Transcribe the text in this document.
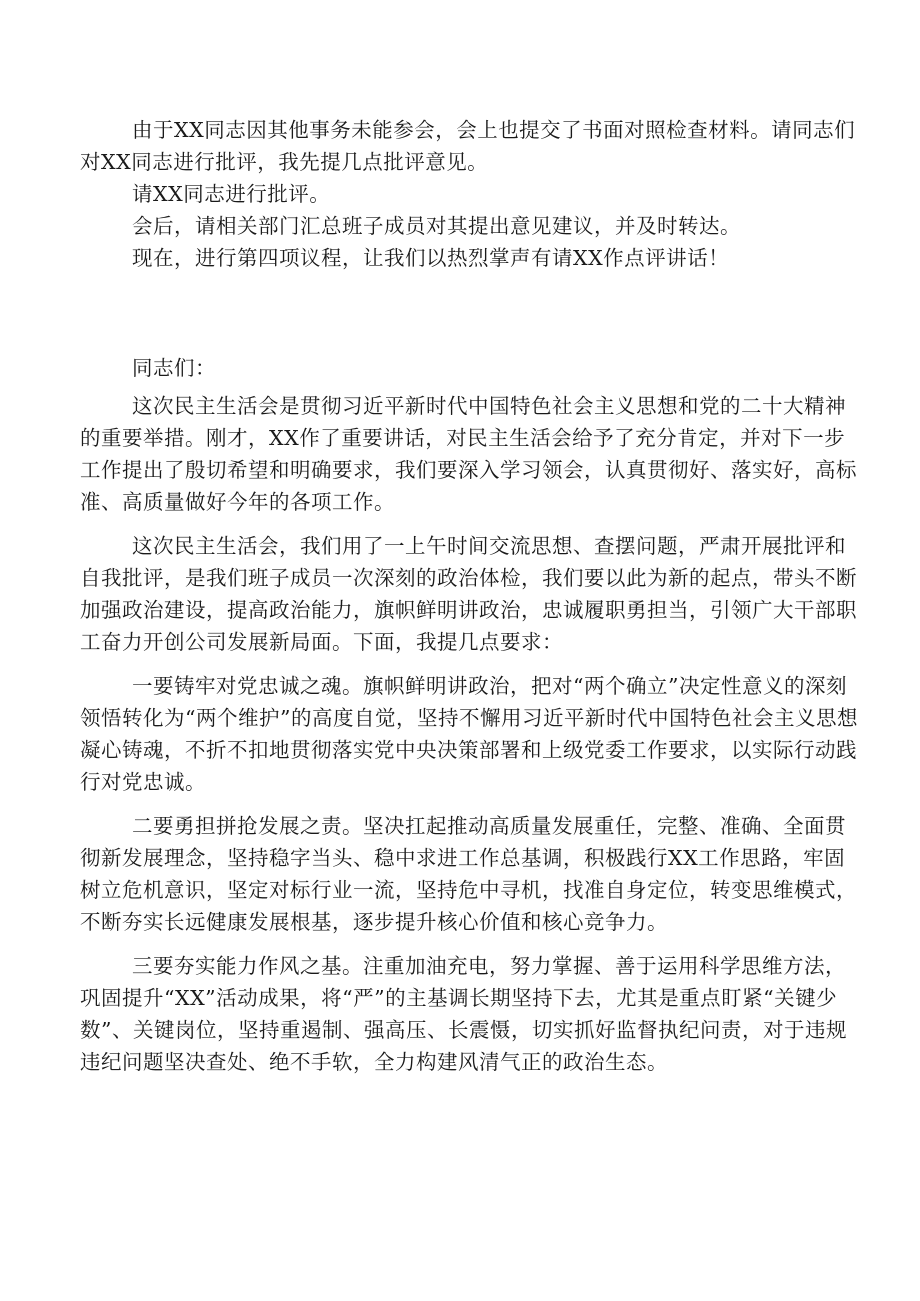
由于XX同志因其他事务未能参会，会上也提交了书面对照检查材料。请同志们对XX同志进行批评，我先提几点批评意见。

请XX同志进行批评。

会后，请相关部门汇总班子成员对其提出意见建议，并及时转达。

现在，进行第四项议程，让我们以热烈掌声有请XX作点评讲话！

同志们：

这次民主生活会是贯彻习近平新时代中国特色社会主义思想和党的二十大精神的重要举措。刚才，XX作了重要讲话，对民主生活会给予了充分肯定，并对下一步工作提出了殷切希望和明确要求，我们要深入学习领会，认真贯彻好、落实好，高标准、高质量做好今年的各项工作。

这次民主生活会，我们用了一上午时间交流思想、查摆问题，严肃开展批评和自我批评，是我们班子成员一次深刻的政治体检，我们要以此为新的起点，带头不断加强政治建设，提高政治能力，旗帜鲜明讲政治，忠诚履职勇担当，引领广大干部职工奋力开创公司发展新局面。下面，我提几点要求：

一要铸牢对党忠诚之魂。旗帜鲜明讲政治，把对“两个确立”决定性意义的深刻领悟转化为“两个维护”的高度自觉，坚持不懈用习近平新时代中国特色社会主义思想凝心铸魂，不折不扣地贯彻落实党中央决策部署和上级党委工作要求，以实际行动践行对党忠诚。

二要勇担拼抢发展之责。坚决扛起推动高质量发展重任，完整、准确、全面贯彻新发展理念，坚持稳字当头、稳中求进工作总基调，积极践行XX工作思路，牢固树立危机意识，坚定对标行业一流，坚持危中寻机，找准自身定位，转变思维模式，不断夯实长远健康发展根基，逐步提升核心价值和核心竞争力。

三要夯实能力作风之基。注重加油充电，努力掌握、善于运用科学思维方法，巩固提升“XX”活动成果，将“严”的主基调长期坚持下去，尤其是重点盯紧“关键少数”、关键岗位，坚持重遏制、强高压、长震慑，切实抓好监督执纪问责，对于违规违纪问题坚决查处、绝不手软，全力构建风清气正的政治生态。
